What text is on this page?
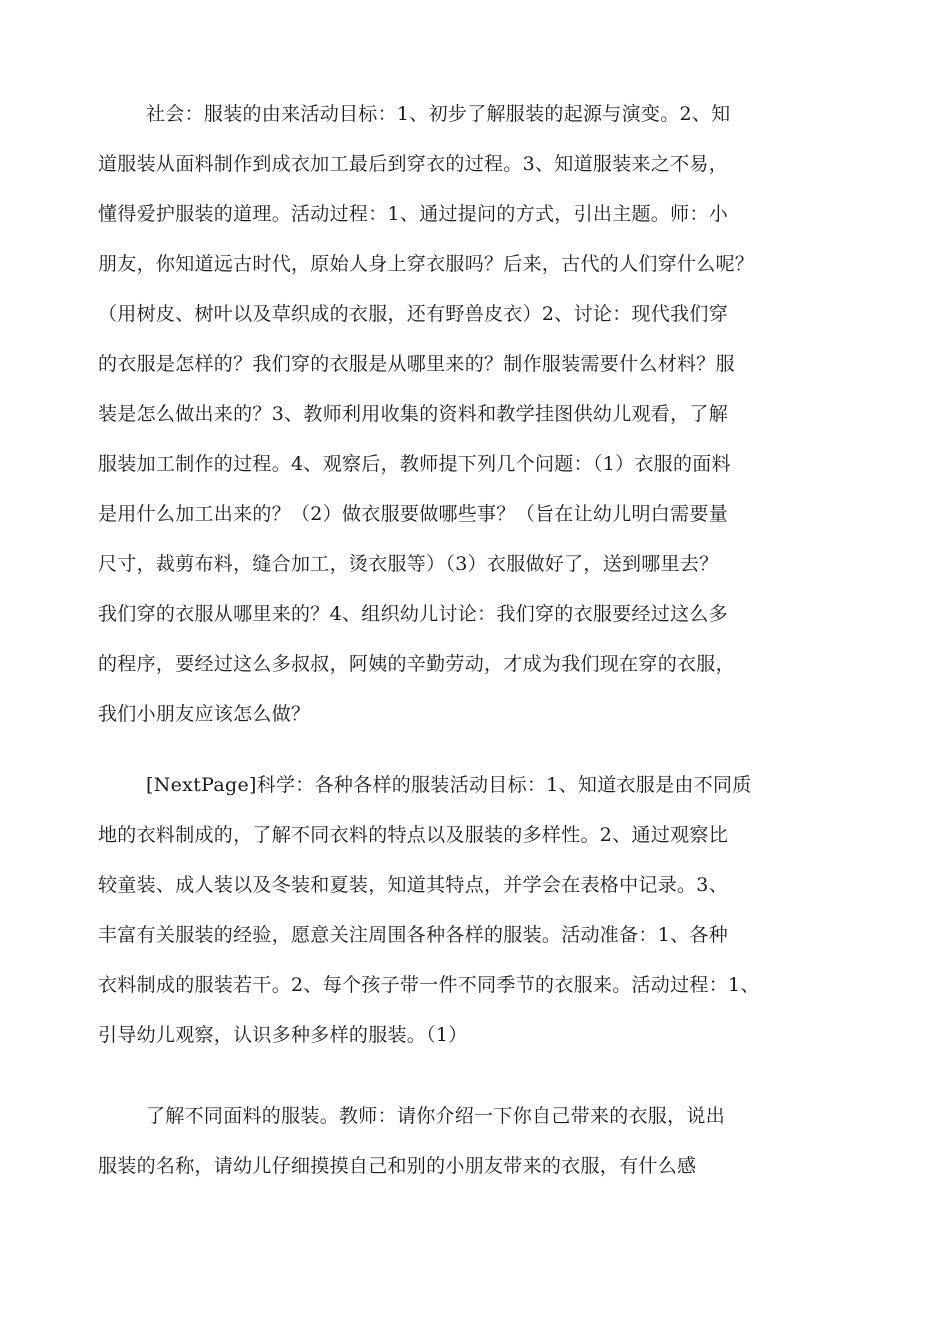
社会：服装的由来活动目标：1、初步了解服装的起源与演变。2、知
道服装从面料制作到成衣加工最后到穿衣的过程。3、知道服装来之不易，
懂得爱护服装的道理。活动过程：1、通过提问的方式，引出主题。师：小
朋友，你知道远古时代，原始人身上穿衣服吗？后来，古代的人们穿什么呢？
（用树皮、树叶以及草织成的衣服，还有野兽皮衣）2、讨论：现代我们穿
的衣服是怎样的？我们穿的衣服是从哪里来的？制作服装需要什么材料？服
装是怎么做出来的？3、教师利用收集的资料和教学挂图供幼儿观看，了解
服装加工制作的过程。4、观察后，教师提下列几个问题：（1）衣服的面料
是用什么加工出来的？（2）做衣服要做哪些事？（旨在让幼儿明白需要量
尺寸，裁剪布料，缝合加工，烫衣服等）（3）衣服做好了，送到哪里去？
我们穿的衣服从哪里来的？4、组织幼儿讨论：我们穿的衣服要经过这么多
的程序，要经过这么多叔叔，阿姨的辛勤劳动，才成为我们现在穿的衣服，
我们小朋友应该怎么做？
[NextPage]科学：各种各样的服装活动目标：1、知道衣服是由不同质
地的衣料制成的，了解不同衣料的特点以及服装的多样性。2、通过观察比
较童装、成人装以及冬装和夏装，知道其特点，并学会在表格中记录。3、
丰富有关服装的经验，愿意关注周围各种各样的服装。活动准备：1、各种
衣料制成的服装若干。2、每个孩子带一件不同季节的衣服来。活动过程：1、
引导幼儿观察，认识多种多样的服装。（1）
了解不同面料的服装。教师：请你介绍一下你自己带来的衣服，说出
服装的名称，请幼儿仔细摸摸自己和别的小朋友带来的衣服，有什么感
